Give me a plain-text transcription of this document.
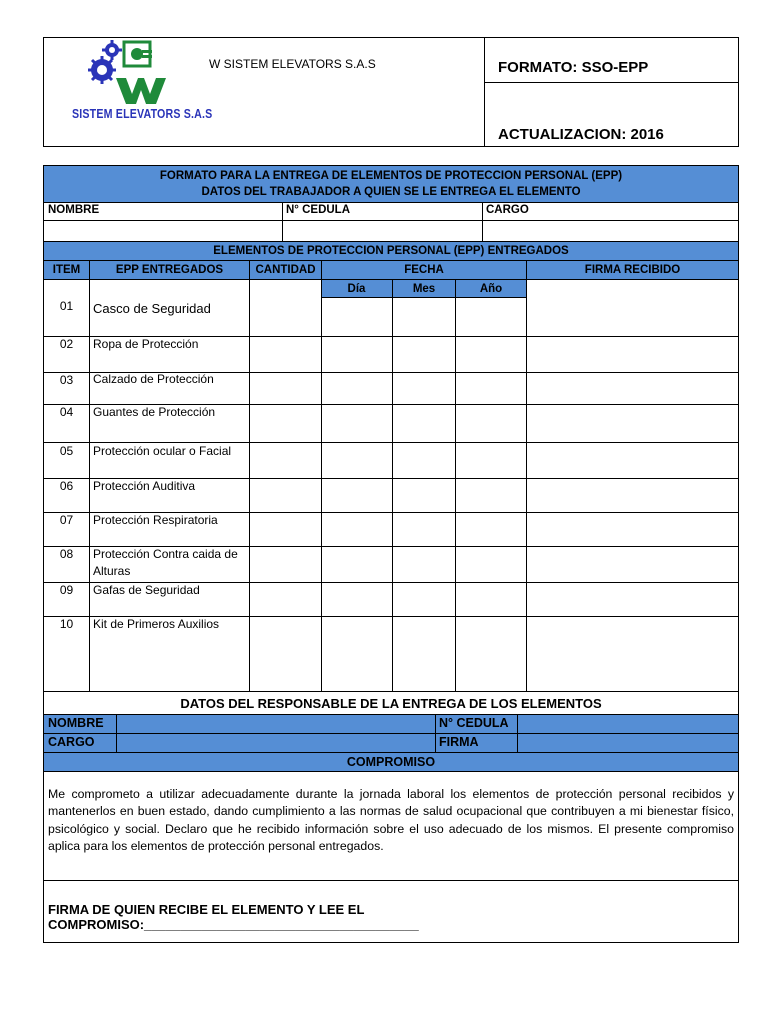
SISTEM ELEVATORS S.A.S
W SISTEM ELEVATORS S.A.S	FORMATO: SSO-EPP
ACTUALIZACION: 2016
FORMATO PARA LA ENTREGA DE ELEMENTOS DE PROTECCION PERSONAL (EPP)
DATOS DEL TRABAJADOR A QUIEN SE LE ENTREGA EL ELEMENTO
NOMBRE	N° CEDULA	CARGO
ELEMENTOS DE PROTECCION PERSONAL (EPP) ENTREGADOS
ITEM	EPP ENTREGADOS	CANTIDAD	FECHA	FIRMA RECIBIDO
Día	Mes	Año
01	Casco de Seguridad
02	Ropa de Protección
03	Calzado de Protección
04	Guantes de Protección
05	Protección ocular o Facial
06	Protección Auditiva
07	Protección Respiratoria
08	Protección Contra caida de Alturas
09	Gafas de Seguridad
10	Kit de Primeros Auxilios
DATOS DEL RESPONSABLE DE LA ENTREGA DE LOS ELEMENTOS
NOMBRE	N° CEDULA
CARGO	FIRMA
COMPROMISO
Me comprometo a utilizar adecuadamente durante la jornada laboral los elementos de protección personal recibidos y mantenerlos en buen estado, dando cumplimiento a las normas de salud ocupacional que contribuyen a mi bienestar físico, psicológico y social. Declaro que he recibido información sobre el uso adecuado de los mismos. El presente compromiso aplica para los elementos de protección personal entregados.
FIRMA DE QUIEN RECIBE EL ELEMENTO Y LEE EL COMPROMISO:______________________________________
